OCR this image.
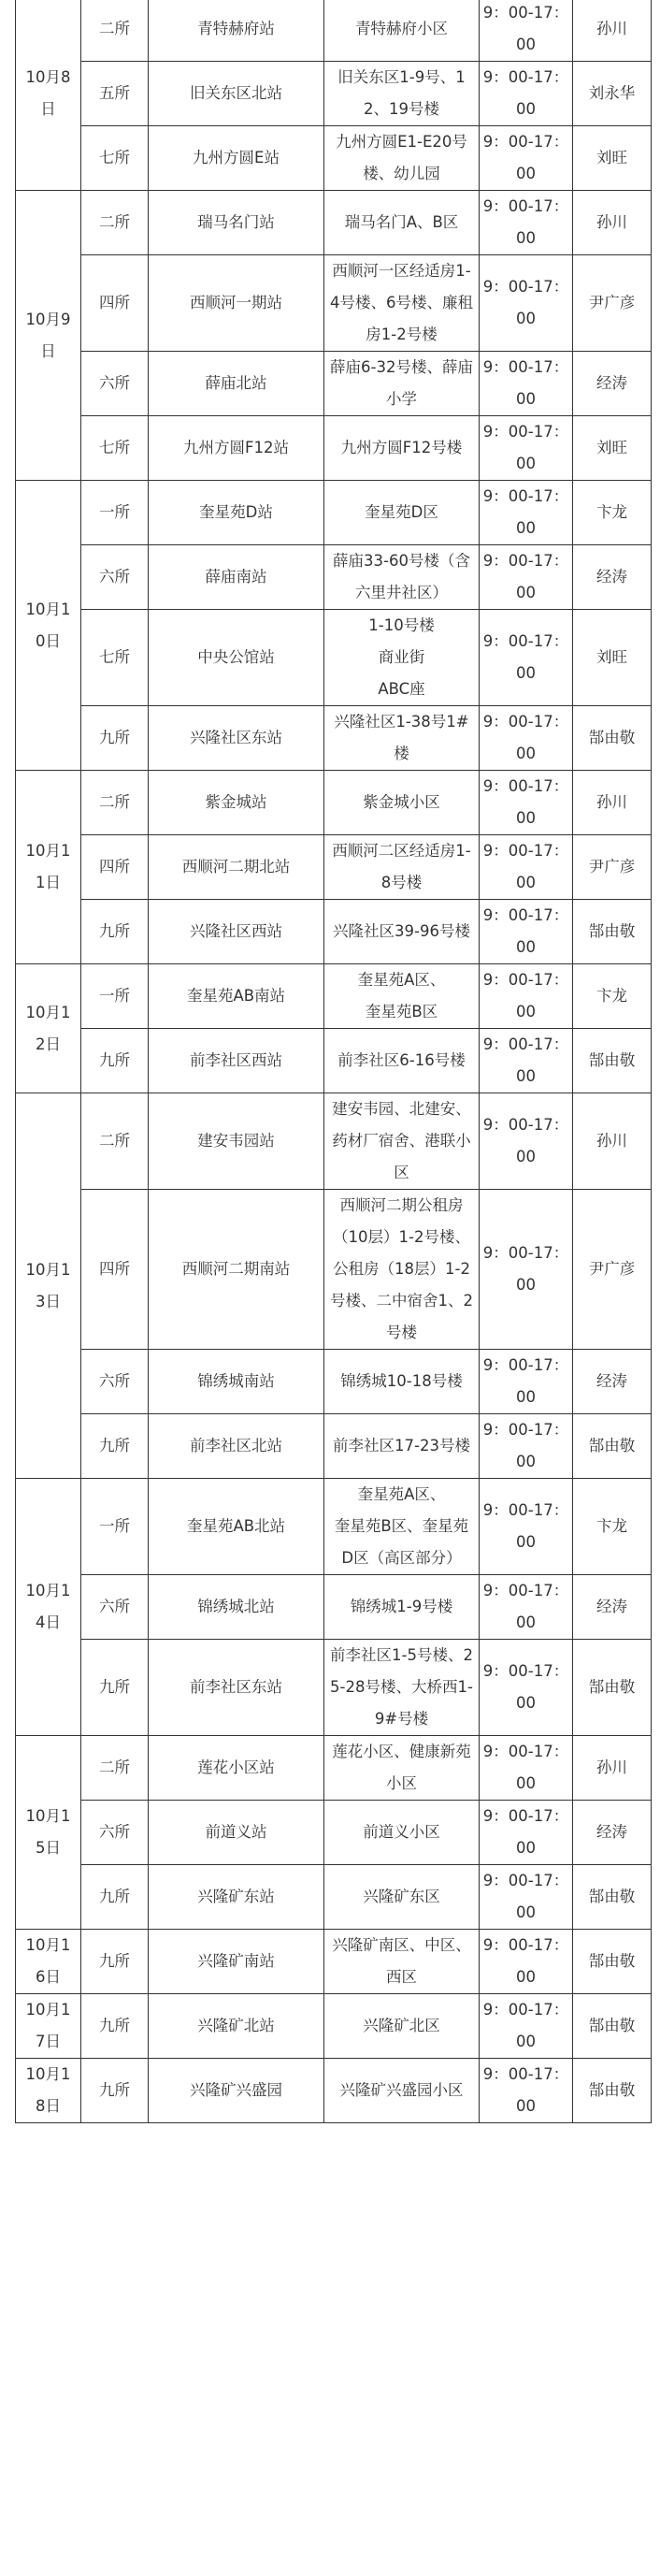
10月8日	二所	青特赫府站	青特赫府小区	9：00-17：00	孙川
	五所	旧关东区北站	旧关东区1-9号、12、19号楼	9：00-17：00	刘永华
	七所	九州方圆E站	九州方圆E1-E20号楼、幼儿园	9：00-17：00	刘旺
10月9日	二所	瑞马名门站	瑞马名门A、B区	9：00-17：00	孙川
	四所	西顺河一期站	西顺河一区经适房1-4号楼、6号楼、廉租房1-2号楼	9：00-17：00	尹广彦
	六所	薛庙北站	薛庙6-32号楼、薛庙小学	9：00-17：00	经涛
	七所	九州方圆F12站	九州方圆F12号楼	9：00-17：00	刘旺
10月10日	一所	奎星苑D站	奎星苑D区	9：00-17：00	卞龙
	六所	薛庙南站	薛庙33-60号楼（含六里井社区）	9：00-17：00	经涛
	七所	中央公馆站	1-10号楼
商业街
ABC座	9：00-17：00	刘旺
	九所	兴隆社区东站	兴隆社区1-38号1#楼	9：00-17：00	郜由敬
10月11日	二所	紫金城站	紫金城小区	9：00-17：00	孙川
	四所	西顺河二期北站	西顺河二区经适房1-8号楼	9：00-17：00	尹广彦
	九所	兴隆社区西站	兴隆社区39-96号楼	9：00-17：00	郜由敬
10月12日	一所	奎星苑AB南站	奎星苑A区、
奎星苑B区	9：00-17：00	卞龙
	九所	前李社区西站	前李社区6-16号楼	9：00-17：00	郜由敬
10月13日	二所	建安韦园站	建安韦园、北建安、药材厂宿舍、港联小区	9：00-17：00	孙川
	四所	西顺河二期南站	西顺河二期公租房（10层）1-2号楼、公租房（18层）1-2号楼、二中宿舍1、2号楼	9：00-17：00	尹广彦
	六所	锦绣城南站	锦绣城10-18号楼	9：00-17：00	经涛
	九所	前李社区北站	前李社区17-23号楼	9：00-17：00	郜由敬
10月14日	一所	奎星苑AB北站	奎星苑A区、
奎星苑B区、奎星苑D区（高区部分）	9：00-17：00	卞龙
	六所	锦绣城北站	锦绣城1-9号楼	9：00-17：00	经涛
	九所	前李社区东站	前李社区1-5号楼、25-28号楼、大桥西1-9#号楼	9：00-17：00	郜由敬
10月15日	二所	莲花小区站	莲花小区、健康新苑小区	9：00-17：00	孙川
	六所	前道义站	前道义小区	9：00-17：00	经涛
	九所	兴隆矿东站	兴隆矿东区	9：00-17：00	郜由敬
10月16日	九所	兴隆矿南站	兴隆矿南区、中区、西区	9：00-17：00	郜由敬
10月17日	九所	兴隆矿北站	兴隆矿北区	9：00-17：00	郜由敬
10月18日	九所	兴隆矿兴盛园	兴隆矿兴盛园小区	9：00-17：00	郜由敬
